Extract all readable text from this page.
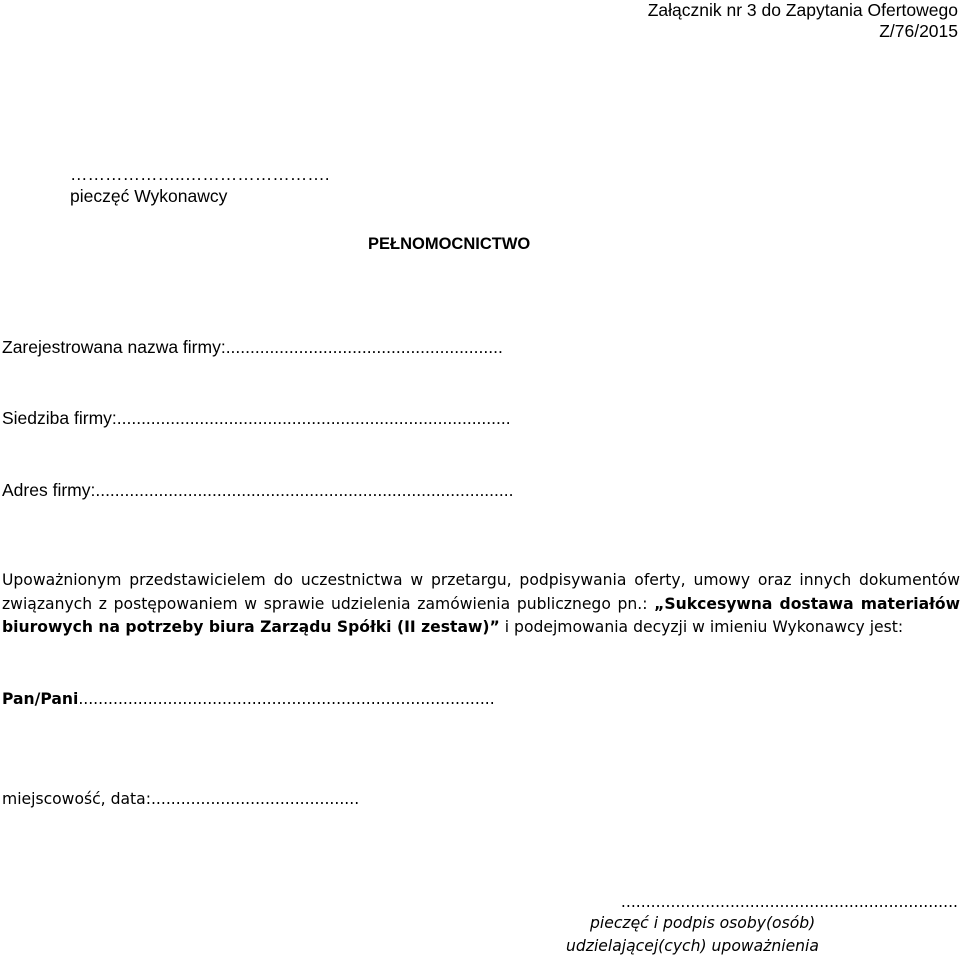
Załącznik nr 3 do Zapytania Ofertowego
Z/76/2015
………………..…………………….
pieczęć Wykonawcy
PEŁNOMOCNICTWO
Zarejestrowana nazwa firmy:.........................................................
Siedziba firmy:.................................................................................
Adres firmy:......................................................................................
Upoważnionym przedstawicielem do uczestnictwa w przetargu, podpisywania oferty, umowy oraz innych dokumentów związanych z postępowaniem w sprawie udzielenia zamówienia publicznego pn.: „Sukcesywna dostawa materiałów biurowych na potrzeby biura Zarządu Spółki (II zestaw)” i podejmowania decyzji w imieniu Wykonawcy jest:
Pan/Pani....................................................................................
miejscowość, data:..........................................
....................................................................
pieczęć i podpis osoby(osób)
udzielającej(cych) upoważnienia
